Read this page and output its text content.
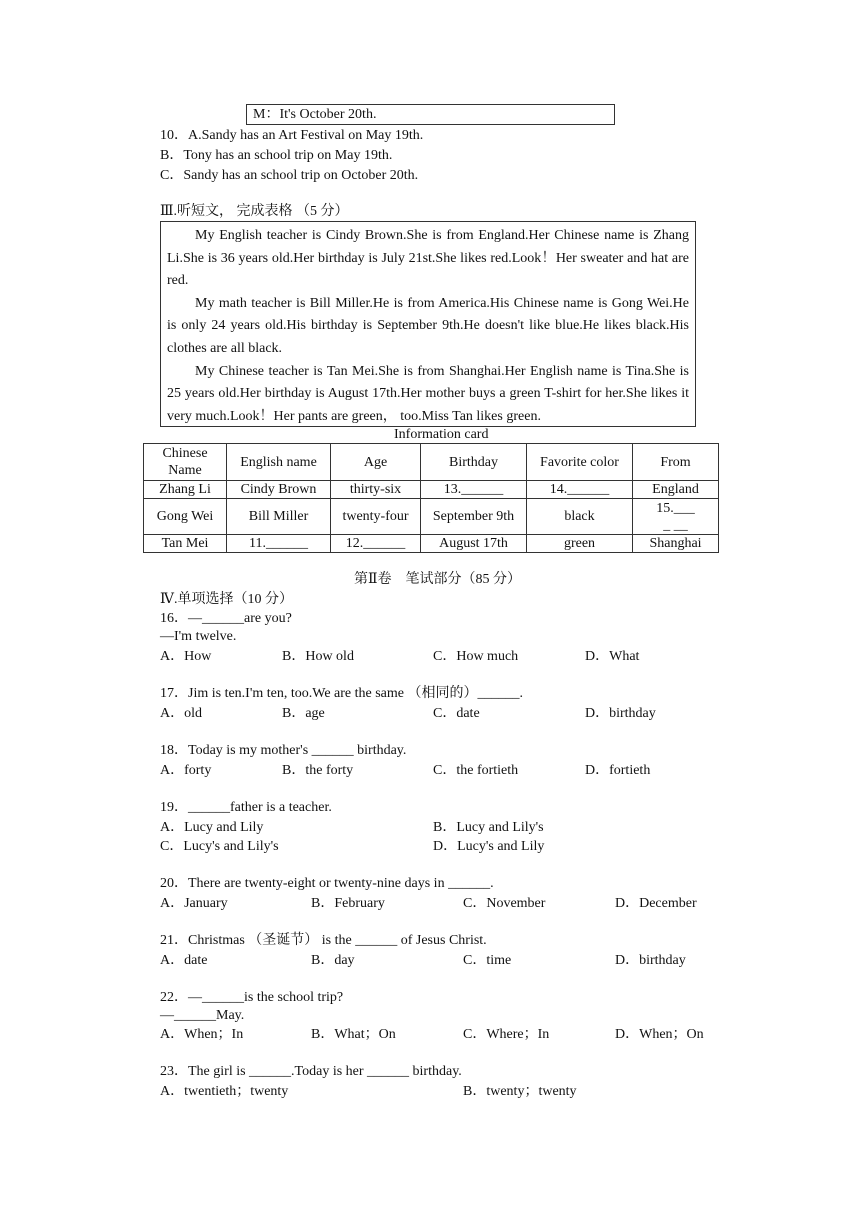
M：It's October 20th.
10．A.Sandy has an Art Festival on May 19th.
B．Tony has an school trip on May 19th.
C．Sandy has an school trip on October 20th.
Ⅲ.听短文， 完成表格 （5 分）

My English teacher is Cindy Brown.She is from England.Her Chinese name is Zhang Li.She is 36 years old.Her birthday is July 21st.She likes red.Look！Her sweater and hat are red.

My math teacher is Bill Miller.He is from America.His Chinese name is Gong Wei.He is only 24 years old.His birthday is September 9th.He doesn't like blue.He likes black.His clothes are all black.

My Chinese teacher is Tan Mei.She is from Shanghai.Her English name is Tina.She is 25 years old.Her birthday is August 17th.Her mother buys a green T-shirt for her.She likes it very much.Look！Her pants are green， too.Miss Tan likes green.

Information card
Chinese Name	English name	Age	Birthday	Favorite color	From
Zhang Li	Cindy Brown	thirty-six	13.______	14.______	England
Gong Wei	Bill Miller	twenty-four	September 9th	black	15.___
_ __
Tan Mei	11.______	12.______	August 17th	green	Shanghai
第Ⅱ卷　笔试部分（85 分）
Ⅳ.单项选择（10 分）
16．—______are you?
—I'm twelve.
A．How	B．How old	C．How much	D．What
17．Jim is ten.I'm ten, too.We are the same （相同的）______.
A．old	B．age	C．date	D．birthday
18．Today is my mother's ______ birthday.
A．forty	B．the forty	C．the fortieth	D．fortieth
19．______father is a teacher.
A．Lucy and Lily	B．Lucy and Lily's
C．Lucy's and Lily's	D．Lucy's and Lily
20．There are twenty-eight or twenty-nine days in ______.
A．January	B．February	C．November	D．December
21．Christmas （圣诞节） is the ______ of Jesus Christ.
A．date	B．day	C．time	D．birthday
22．—______is the school trip?
—______May.
A．When；In	B．What；On	C．Where；In	D．When；On
23．The girl is ______.Today is her ______ birthday.
A．twentieth；twenty	B．twenty；twenty
